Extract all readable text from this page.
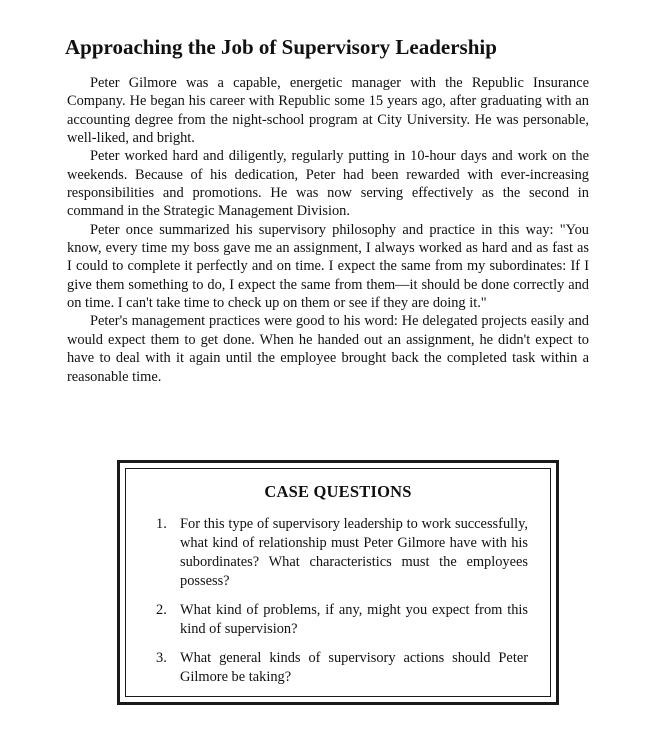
Approaching the Job of Supervisory Leadership

Peter Gilmore was a capable, energetic manager with the Republic Insurance Company. He began his career with Republic some 15 years ago, after graduating with an accounting degree from the night-school program at City University. He was personable, well-liked, and bright.

Peter worked hard and diligently, regularly putting in 10-hour days and work on the weekends. Because of his dedication, Peter had been rewarded with ever-increasing responsibilities and promotions. He was now serving effectively as the second in command in the Strategic Management Division.

Peter once summarized his supervisory philosophy and practice in this way: "You know, every time my boss gave me an assignment, I always worked as hard and as fast as I could to complete it perfectly and on time. I expect the same from my subordinates: If I give them something to do, I expect the same from them—it should be done correctly and on time. I can't take time to check up on them or see if they are doing it."

Peter's management practices were good to his word: He delegated projects easily and would expect them to get done. When he handed out an assignment, he didn't expect to have to deal with it again until the employee brought back the completed task within a reasonable time.

CASE QUESTIONS
1. For this type of supervisory leadership to work successfully, what kind of relationship must Peter Gilmore have with his subordinates? What characteristics must the employees possess?
2. What kind of problems, if any, might you expect from this kind of supervision?
3. What general kinds of supervisory actions should Peter Gilmore be taking?
